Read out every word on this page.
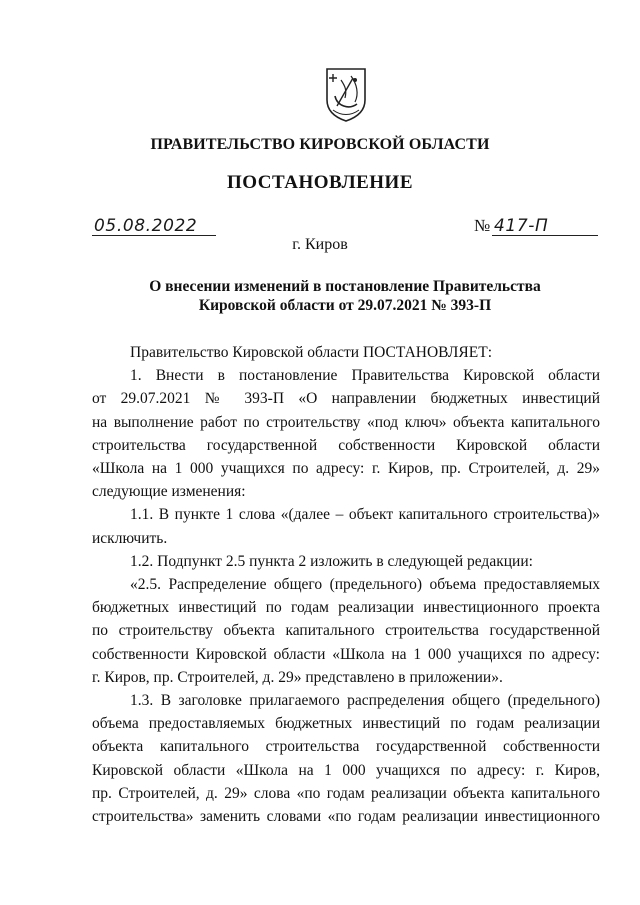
ПРАВИТЕЛЬСТВО КИРОВСКОЙ ОБЛАСТИ
ПОСТАНОВЛЕНИЕ
05.08.2022	№ 417-П
г. Киров
О внесении изменений в постановление Правительства
Кировской области от 29.07.2021 № 393-П

Правительство Кировской области ПОСТАНОВЛЯЕТ:

1. Внести в постановление Правительства Кировской области

от 29.07.2021 № 393-П «О направлении бюджетных инвестиций
на выполнение работ по строительству «под ключ» объекта капитального
строительства государственной собственности Кировской области
«Школа на 1 000 учащихся по адресу: г. Киров, пр. Строителей, д. 29»
следующие изменения:

1.1. В пункте 1 слова «(далее – объект капитального строительства)»

исключить.

1.2. Подпункт 2.5 пункта 2 изложить в следующей редакции:

«2.5. Распределение общего (предельного) объема предоставляемых

бюджетных инвестиций по годам реализации инвестиционного проекта
по строительству объекта капитального строительства государственной
собственности Кировской области «Школа на 1 000 учащихся по адресу:
г. Киров, пр. Строителей, д. 29» представлено в приложении».

1.3. В заголовке прилагаемого распределения общего (предельного)

объема предоставляемых бюджетных инвестиций по годам реализации
объекта капитального строительства государственной собственности
Кировской области «Школа на 1 000 учащихся по адресу: г. Киров,
пр. Строителей, д. 29» слова «по годам реализации объекта капитального
строительства» заменить словами «по годам реализации инвестиционного
